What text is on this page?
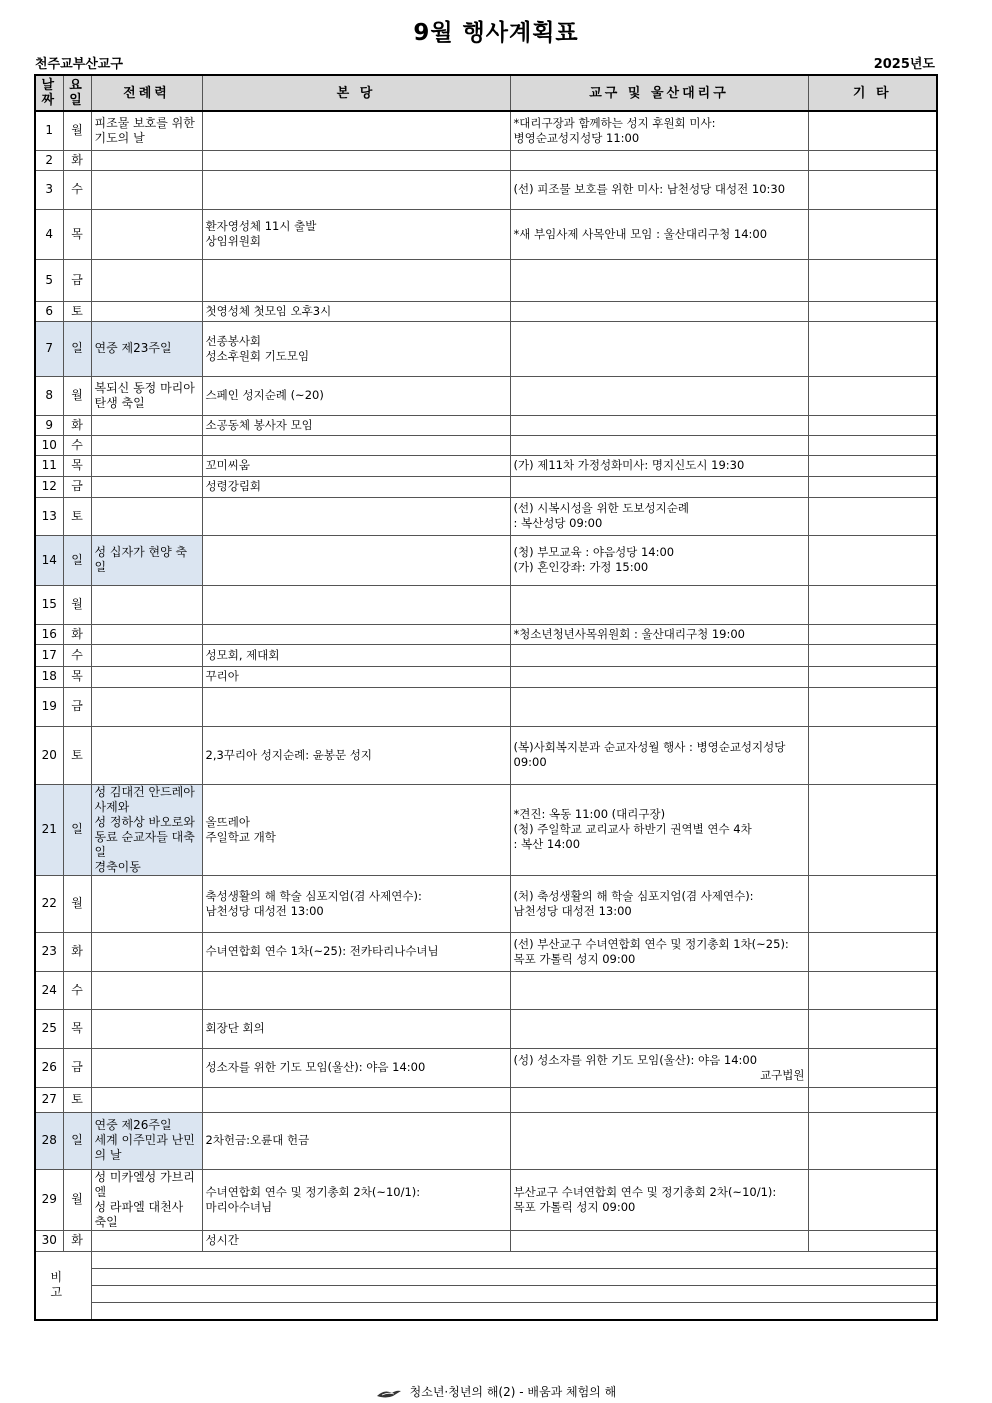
9월 행사계획표
천주교부산교구	2025년도
날짜	요일	전례력	본 당	교구 및 울산대리구	기 타
1	월	피조물 보호를 위한 기도의 날		*대리구장과 함께하는 성지 후원회 미사:
병영순교성지성당 11:00	

2	화			

3	수			(선) 피조물 보호를 위한 미사: 남천성당 대성전 10:30	

4	목		환자영성체 11시 출발
상임위원회	*새 부임사제 사목안내 모임 : 울산대리구청 14:00	

5	금			

6	토		첫영성체 첫모임 오후3시	

7	일	연중 제23주일	선종봉사회
성소후원회 기도모임	

8	월	복되신 동정 마리아 탄생 축일	스페인 성지순례 (~20)	

9	화		소공동체 봉사자 모임	

10	수			

11	목		꼬미씨움	(가) 제11차 가정성화미사: 명지신도시 19:30	

12	금		성령강림회	

13	토			(선) 시복시성을 위한 도보성지순례
: 복산성당 09:00	

14	일	성 십자가 현양 축일		(청) 부모교육 : 야음성당 14:00
(가) 혼인강좌: 가정 15:00	

15	월			

16	화			*청소년청년사목위원회 : 울산대리구청 19:00	

17	수		성모회, 제대회	

18	목		꾸리아	

19	금			

20	토		2,3꾸리아 성지순례: 윤봉문 성지	(복)사회복지분과 순교자성월 행사 : 병영순교성지성당 09:00	

21	일	성 김대건 안드레아 사제와
성 정하상 바오로와 동료 순교자들 대축일
경축이동	올뜨레아
주일학교 개학	*견진: 옥동 11:00 (대리구장)
(청) 주일학교 교리교사 하반기 권역별 연수 4차
: 복산 14:00	

22	월		축성생활의 해 학술 심포지엄(겸 사제연수):
남천성당 대성전 13:00	(처) 축성생활의 해 학술 심포지엄(겸 사제연수):
남천성당 대성전 13:00	

23	화		수녀연합회 연수 1차(~25): 전카타리나수녀님	(선) 부산교구 수녀연합회 연수 및 정기총회 1차(~25):
목포 가톨릭 성지 09:00	

24	수			

25	목		회장단 회의	

26	금		성소자를 위한 기도 모임(울산): 야음 14:00	(성) 성소자를 위한 기도 모임(울산): 야음 14:00
교구법원	

27	토			

28	일	연중 제26주일
세계 이주민과 난민의 날	2차헌금:오륜대 헌금	

29	월	성 미카엘성 가브리엘
성 라파엘 대천사 축일	수녀연합회 연수 및 정기총회 2차(~10/1):
마리아수녀님	부산교구 수녀연합회 연수 및 정기총회 2차(~10/1):
목포 가톨릭 성지 09:00	

30	화		성시간	

비 고					

청소년·청년의 해(2) - 배움과 체험의 해
